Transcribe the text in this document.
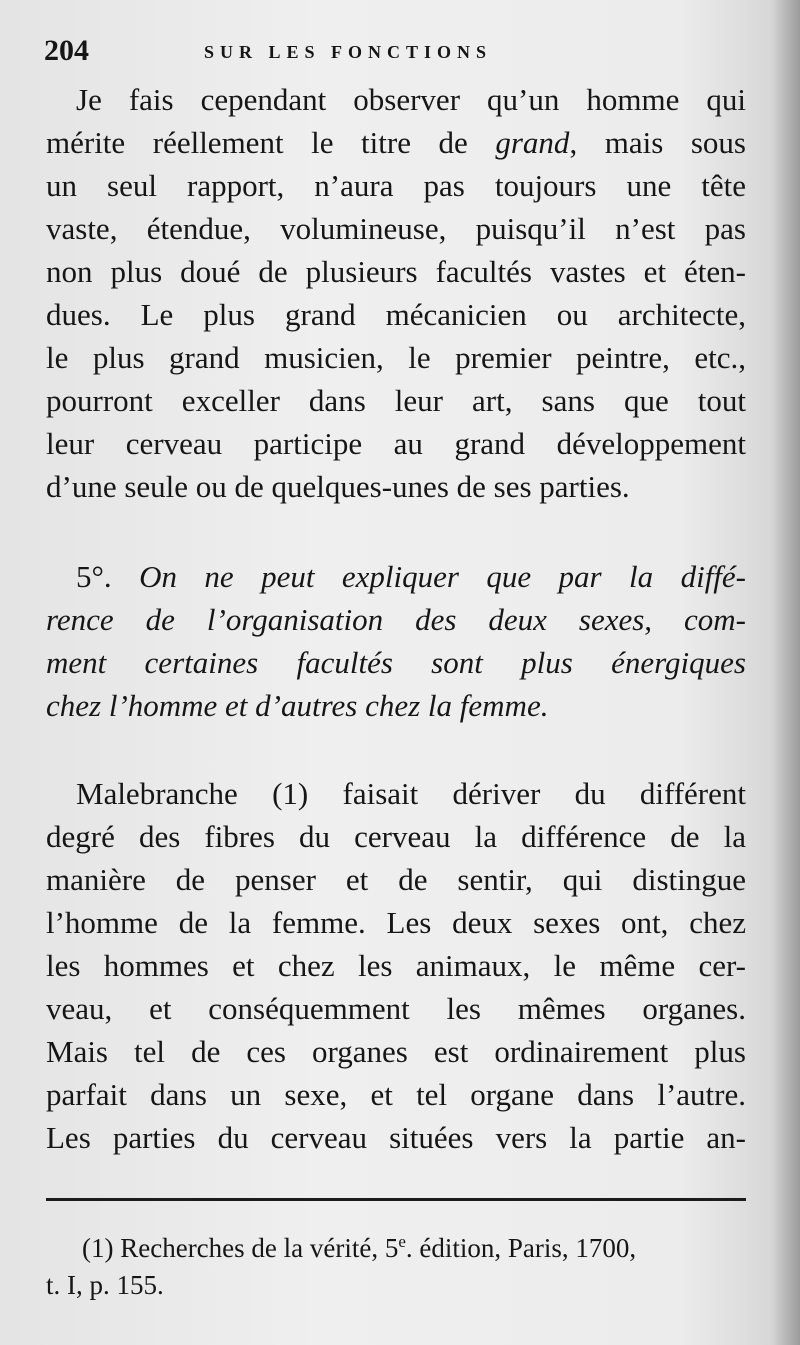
204	SUR LES FONCTIONS
Je fais cependant observer qu’un homme qui
mérite réellement le titre de grand, mais sous
un seul rapport, n’aura pas toujours une tête
vaste, étendue, volumineuse, puisqu’il n’est pas
non plus doué de plusieurs facultés vastes et éten-
dues. Le plus grand mécanicien ou architecte,
le plus grand musicien, le premier peintre, etc.,
pourront exceller dans leur art, sans que tout
leur cerveau participe au grand développement
d’une seule ou de quelques-unes de ses parties.
5°. On ne peut expliquer que par la diffé-
rence de l’organisation des deux sexes, com-
ment certaines facultés sont plus énergiques
chez l’homme et d’autres chez la femme.
Malebranche (1) faisait dériver du différent
degré des fibres du cerveau la différence de la
manière de penser et de sentir, qui distingue
l’homme de la femme. Les deux sexes ont, chez
les hommes et chez les animaux, le même cer-
veau, et conséquemment les mêmes organes.
Mais tel de ces organes est ordinairement plus
parfait dans un sexe, et tel organe dans l’autre.
Les parties du cerveau situées vers la partie an-
(1) Recherches de la vérité, 5e. édition, Paris, 1700,
t. I, p. 155.
